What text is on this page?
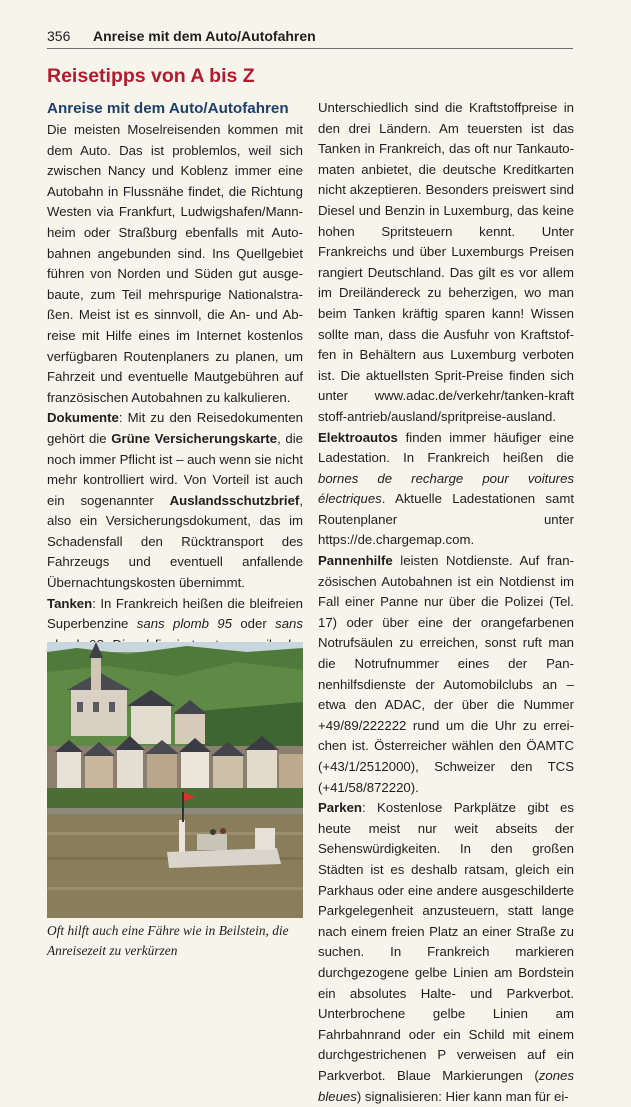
356 Anreise mit dem Auto/Autofahren
Reisetipps von A bis Z
Anreise mit dem Auto/Autofahren

Die meisten Moselreisenden kommen mit dem Auto. Das ist problemlos, weil sich zwischen Nancy und Koblenz immer eine Autobahn in Flussnähe findet, die Richtung Westen via Frankfurt, Ludwigshafen/Mannheim oder Straßburg ebenfalls mit Autobahnen angebunden sind. Ins Quellgebiet führen von Norden und Süden gut ausgebaute, zum Teil mehrspurige Nationalstraßen. Meist ist es sinnvoll, die An- und Abreise mit Hilfe eines im Internet kostenlos verfügbaren Routenplaners zu planen, um Fahrzeit und eventuelle Mautgebühren auf französischen Autobahnen zu kalkulieren.

Dokumente: Mit zu den Reisedokumenten gehört die Grüne Versicherungskarte, die noch immer Pflicht ist – auch wenn sie nicht mehr kontrolliert wird. Von Vorteil ist auch ein sogenannter Auslandsschutzbrief, also ein Versicherungsdokument, das im Schadensfall den Rücktransport des Fahrzeugs und eventuell anfallende Übernachtungskosten übernimmt.

Tanken: In Frankreich heißen die bleifreien Superbenzine sans plomb 95 oder sans

Oft hilft auch eine Fähre wie in Beilstein, die Anreisezeit zu verkürzen

Unterschiedlich sind die Kraftstoffpreise in den drei Ländern. Am teuersten ist das Tanken in Frankreich, das oft nur Tankautomaten anbietet, die deutsche Kreditkarten nicht akzeptieren. Besonders preiswert sind Diesel und Benzin in Luxemburg, das keine hohen Spritsteuern kennt. Unter Frankreichs und über Luxemburgs Preisen rangiert Deutschland. Das gilt es vor allem im Dreiländereck zu beherzigen, wo man beim Tanken kräftig sparen kann! Wissen sollte man, dass die Ausfuhr von Kraftstoffen in Behältern aus Luxemburg verboten ist. Die aktuellsten Sprit-Preise finden sich unter www.adac.de/verkehr/tanken-kraft stoff-antrieb/ausland/spritpreise-ausland.

Elektroautos finden immer häufiger eine Ladestation. In Frankreich heißen die bornes de recharge pour voitures électriques. Aktuelle Ladestationen samt Routenplaner unter https://de.chargemap.com.

Pannenhilfe leisten Notdienste. Auf französischen Autobahnen ist ein Notdienst im Fall einer Panne nur über die Polizei (Tel. 17) oder über eine der orangefarbenen Notrufsäulen zu erreichen, sonst ruft man die Notrufnummer eines der Pannenhilfsdienste der Automobilclubs an – etwa den ADAC, der über die Nummer +49/89/222222 rund um die Uhr zu erreichen ist. Österreicher wählen den ÖAMTC (+43/1/2512000), Schweizer den TCS (+41/58/872220).

Parken: Kostenlose Parkplätze gibt es heute meist nur weit abseits der Sehenswürdigkeiten. In den großen Städten ist es deshalb ratsam, gleich ein Parkhaus oder eine andere ausgeschilderte Parkgelegenheit anzusteuern, statt lange nach einem freien Platz an einer Straße zu suchen. In Frankreich markieren durchgezogene gelbe Linien am Bordstein ein absolutes Halte- und Parkverbot. Unterbrochene gelbe Linien am Fahrbahnrand oder ein Schild mit einem durchgestrichenen P verweisen auf ein Parkverbot. Blaue Markierungen (zones bleues) signalisieren: Hier kann man für ei-
